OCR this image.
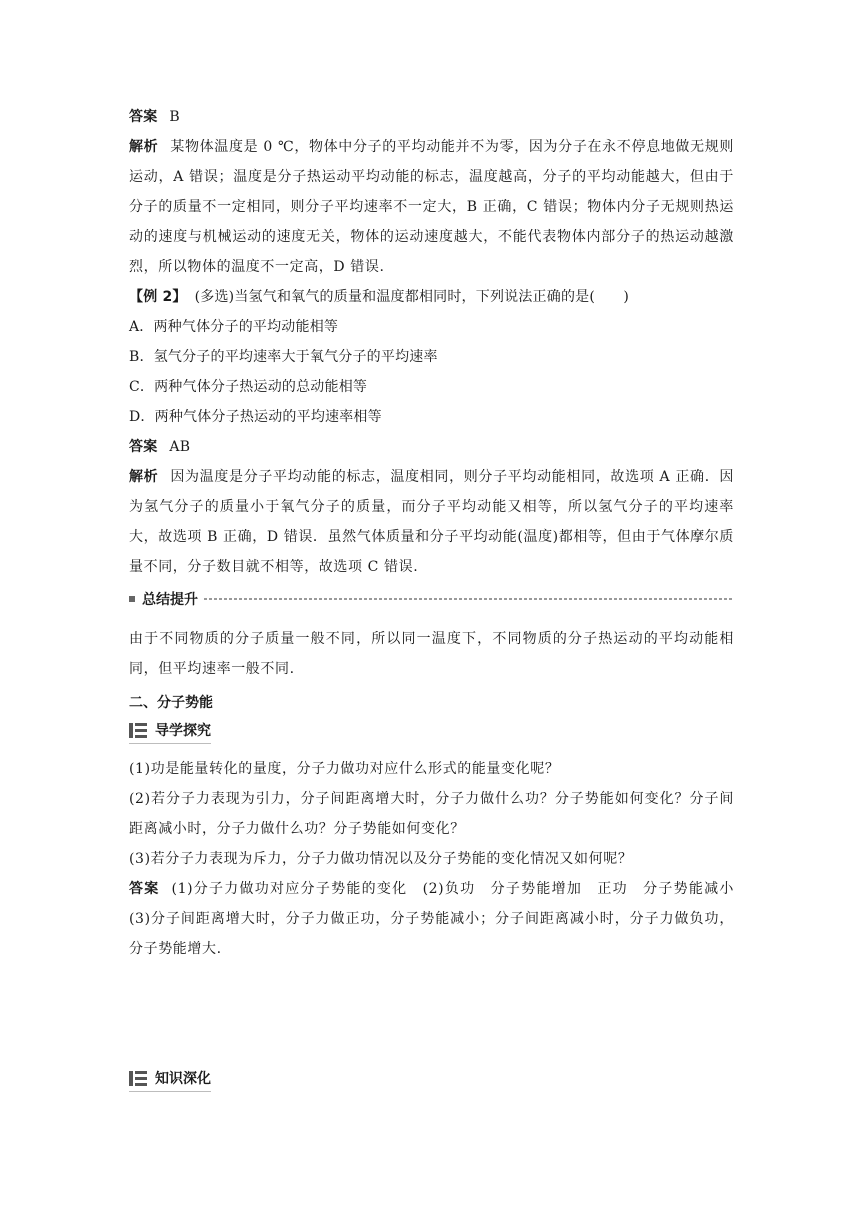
答案 B
解析 某物体温度是 0 ℃，物体中分子的平均动能并不为零，因为分子在永不停息地做无规则运动，A 错误；温度是分子热运动平均动能的标志，温度越高，分子的平均动能越大，但由于分子的质量不一定相同，则分子平均速率不一定大，B 正确，C 错误；物体内分子无规则热运动的速度与机械运动的速度无关，物体的运动速度越大，不能代表物体内部分子的热运动越激烈，所以物体的温度不一定高，D 错误.
【例 2】 (多选)当氢气和氧气的质量和温度都相同时，下列说法正确的是(　　)
A．两种气体分子的平均动能相等
B．氢气分子的平均速率大于氧气分子的平均速率
C．两种气体分子热运动的总动能相等
D．两种气体分子热运动的平均速率相等
答案 AB
解析 因为温度是分子平均动能的标志，温度相同，则分子平均动能相同，故选项 A 正确．因为氢气分子的质量小于氧气分子的质量，而分子平均动能又相等，所以氢气分子的平均速率大，故选项 B 正确，D 错误．虽然气体质量和分子平均动能(温度)都相等，但由于气体摩尔质量不同，分子数目就不相等，故选项 C 错误.
总结提升
由于不同物质的分子质量一般不同，所以同一温度下，不同物质的分子热运动的平均动能相同，但平均速率一般不同.
二、分子势能
导学探究
(1)功是能量转化的量度，分子力做功对应什么形式的能量变化呢？
(2)若分子力表现为引力，分子间距离增大时，分子力做什么功？分子势能如何变化？分子间距离减小时，分子力做什么功？分子势能如何变化？
(3)若分子力表现为斥力，分子力做功情况以及分子势能的变化情况又如何呢？
答案 (1)分子力做功对应分子势能的变化　(2)负功　分子势能增加　正功　分子势能减小　(3)分子间距离增大时，分子力做正功，分子势能减小；分子间距离减小时，分子力做负功，分子势能增大.
知识深化
